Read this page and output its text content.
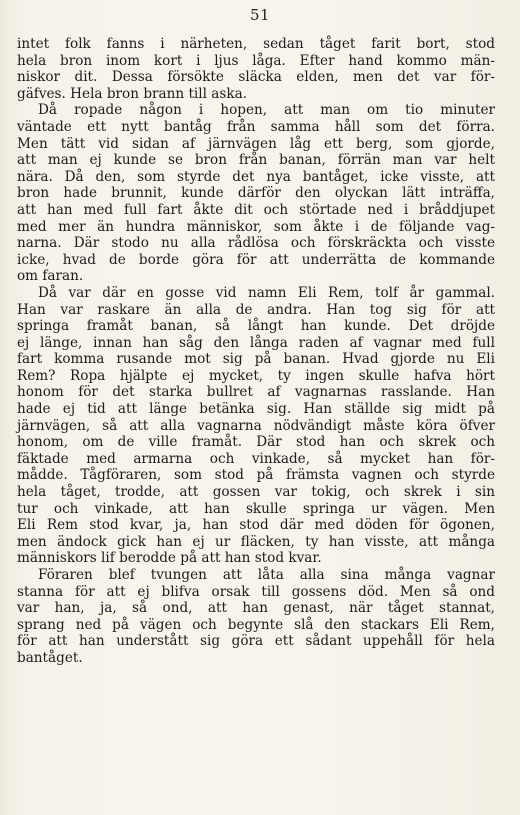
51
intet folk fanns i närheten, sedan tåget farit bort, stod
hela bron inom kort i ljus låga. Efter hand kommo män-
niskor dit. Dessa försökte släcka elden, men det var för-
gäfves. Hela bron brann till aska.
Då ropade någon i hopen, att man om tio minuter
väntade ett nytt bantåg från samma håll som det förra.
Men tätt vid sidan af järnvägen låg ett berg, som gjorde,
att man ej kunde se bron från banan, förrän man var helt
nära. Då den, som styrde det nya bantåget, icke visste, att
bron hade brunnit, kunde därför den olyckan lätt inträffa,
att han med full fart åkte dit och störtade ned i bråddjupet
med mer än hundra människor, som åkte i de följande vag-
narna. Där stodo nu alla rådlösa och förskräckta och visste
icke, hvad de borde göra för att underrätta de kommande
om faran.
Då var där en gosse vid namn Eli Rem, tolf år gammal.
Han var raskare än alla de andra. Han tog sig för att
springa framåt banan, så långt han kunde. Det dröjde
ej länge, innan han såg den långa raden af vagnar med full
fart komma rusande mot sig på banan. Hvad gjorde nu Eli
Rem? Ropa hjälpte ej mycket, ty ingen skulle hafva hört
honom för det starka bullret af vagnarnas rasslande. Han
hade ej tid att länge betänka sig. Han ställde sig midt på
järnvägen, så att alla vagnarna nödvändigt måste köra öfver
honom, om de ville framåt. Där stod han och skrek och
fäktade med armarna och vinkade, så mycket han för-
mådde. Tågföraren, som stod på främsta vagnen och styrde
hela tåget, trodde, att gossen var tokig, och skrek i sin
tur och vinkade, att han skulle springa ur vägen. Men
Eli Rem stod kvar, ja, han stod där med döden för ögonen,
men ändock gick han ej ur fläcken, ty han visste, att många
människors lif berodde på att han stod kvar.
Föraren blef tvungen att låta alla sina många vagnar
stanna för att ej blifva orsak till gossens död. Men så ond
var han, ja, så ond, att han genast, när tåget stannat,
sprang ned på vägen och begynte slå den stackars Eli Rem,
för att han understått sig göra ett sådant uppehåll för hela
bantåget.
